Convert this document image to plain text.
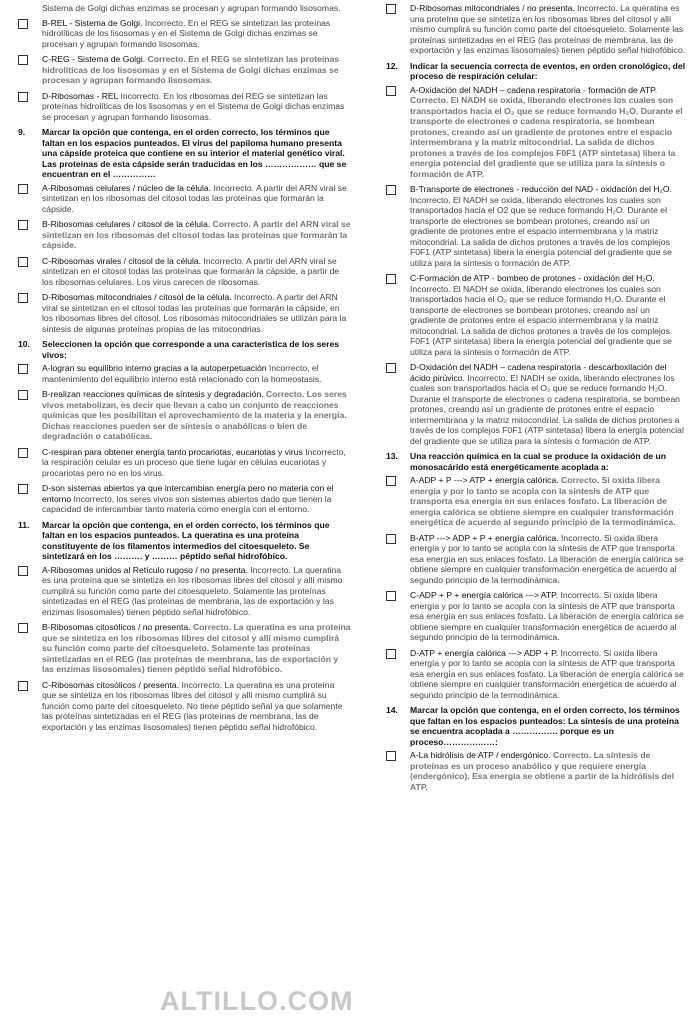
Sistema de Golgi dichas enzimas se procesan y agrupan formando lisosomas.

B-REL - Sistema de Golgi. Incorrecto. En el REG se sintetizan las proteínas hidrolíticas de los lisosomas y en el Sistema de Golgi dichas enzimas se procesan y agrupan formando lisosomas.
C-REG - Sistema de Golgi. Correcto. En el REG se sintetizan las proteínas hidrolíticas de los lisosomas y en el Sistema de Golgi dichas enzimas se procesan y agrupan formando lisosomas.
D-Ribosomas - REL Incorrecto. En los ribosomas del REG se sintetizan las proteínas hidrolíticas de los lisosomas y en el Sistema de Golgi dichas enzimas se procesan y agrupan formando lisosomas.
9.	Marcar la opción que contenga, en el orden correcto, los términos que faltan en los espacios punteados. El virus del papiloma humano presenta una cápside proteica que contiene en su interior el material genético viral. Las proteínas de esta cápside serán traducidas en los ……………… que se encuentran en el ……………
A-Ribosomas celulares / núcleo de la célula. Incorrecto. A partir del ARN viral se sintetizan en los ribosomas del citosol todas las proteínas que formarán la cápside.
B-Ribosomas celulares / citosol de la célula. Correcto. A partir del ARN viral se sintetizan en los ribosomas del citosol todas las proteínas que formarán la cápside.
C-Ribosomas virales / citosol de la célula. Incorrecto. A partir del ARN viral se sintetizan en el citosol todas las proteínas que formarán la cápside, a partir de los ribosomas celulares. Los virus carecen de ribosomas.
D-Ribosomas mitocondriales / citosol de la célula. Incorrecto. A partir del ARN viral se sintetizan en el citosol todas las proteínas que formarán la cápside, en los ribosomas libres del citosol. Los ribosomas mitocondriales se utilizan para la síntesis de algunas proteínas propias de las mitocondrias.
10.	Seleccionen la opción que corresponde a una característica de los seres vivos:
A-logran su equilibrio interno gracias a la autoperpetuación Incorrecto, el mantenimiento del equilibrio interno está relacionado con la homeostasis.
B-realizan reacciones químicas de síntesis y degradación. Correcto. Los seres vivos metabolizan, es decir que llevan a cabo un conjunto de reacciones químicas que les posibilitan el aprovechamiento de la materia y la energía. Dichas reacciones pueden ser de síntesis o anabólicas o bien de degradación o catabólicas.
C-respiran para obtener energía tanto procariotas, eucariotas y virus Incorrecto, la respiración celular es un proceso que tiene lugar en células eucariotas y procariotas pero no en los virus.
D-son sistemas abiertos ya que intercambian energía pero no materia con el entorno Incorrecto, los seres vivos son sistemas abiertos dado que tienen la capacidad de intercambiar tanto materia como energía con el entorno.
11.	Marcar la opción que contenga, en el orden correcto, los términos que faltan en los espacios punteados. La queratina es una proteína constituyente de los filamentos intermedios del citoesqueleto. Se sintetizará en los ………. y ……… péptido señal hidrofóbico.
A-Ribosomas unidos al Retículo rugoso / no presenta. Incorrecto. La queratina es una proteína que se sintetiza en los ribosomas libres del citosol y allí mismo cumplirá su función como parte del citoesqueleto. Solamente las proteínas sintetizadas en el REG (las proteínas de membrana, las de exportación y las enzimas lisosomales) tienen péptido señal hidrofóbico.
B-Ribosomas citosólicos / no presenta. Correcto. La queratina es una proteína que se sintetiza en los ribosomas libres del citosol y allí mismo cumplirá su función como parte del citoesqueleto. Solamente las proteínas sintetizadas en el REG (las proteínas de membrana, las de exportación y las enzimas lisosomales) tienen péptido señal hidrofóbico.
C-Ribosomas citosólicos / presenta. Incorrecto. La queratina es una proteína que se sintetiza en los ribosomas libres del citosol y allí mismo cumplirá su función como parte del citoesqueleto. No tiene péptido señal ya que solamente las proteínas sintetizadas en el REG (las proteínas de membrana, las de exportación y las enzimas lisosomales) tienen péptido señal hidrofóbico.
D-Ribosomas mitocondriales / no presenta. Incorrecto. La queratina es una proteína que se sintetiza en los ribosomas libres del citosol y allí mismo cumplirá su función como parte del citoesqueleto. Solamente las proteínas sintetizadas en el REG (las proteínas de membrana, las de exportación y las enzimas lisosomales) tienen péptido señal hidrofóbico.
12.	Indicar la secuencia correcta de eventos, en orden cronológico, del proceso de respiración celular:
A-Oxidación del NADH – cadena respiratoria - formación de ATP. Correcto. El NADH se oxida, liberando electrones los cuales son transportados hacia el O₂ que se reduce formando H₂O. Durante el transporte de electrones o cadena respiratoria, se bombean protones, creando así un gradiente de protones entre el espacio intermembrana y la matriz mitocondrial. La salida de dichos protones a través de los complejos F0F1 (ATP sintetasa) libera la energía potencial del gradiente que se utiliza para la síntesis o formación de ATP.
B-Transporte de electrones - reducción del NAD - oxidación del H₂O. Incorrecto. El NADH se oxida, liberando electrones los cuales son transportados hacia el O2 que se reduce formando H₂O. Durante el transporte de electrones se bombean protones, creando así un gradiente de protones entre el espacio intermembrana y la matriz mitocondrial. La salida de dichos protones a través de los complejos F0F1 (ATP sintetasa) libera la energía potencial del gradiente que se utiliza para la síntesis o formación de ATP.
C-Formación de ATP - bombeo de protones - oxidación del H₂O. Incorrecto. El NADH se oxida, liberando electrones los cuales son transportados hacia el O₂ que se reduce formando H₂O. Durante el transporte de electrones se bombean protones, creando así un gradiente de protones entre el espacio intermembrana y la matriz mitocondrial. La salida de dichos protones a través de los complejos F0F1 (ATP sintetasa) libera la energía potencial del gradiente que se utiliza para la síntesis o formación de ATP.
D-Oxidación del NADH – cadena respiratoria - descarboxilación del ácido pirúvico. Incorrecto. El NADH se oxida, liberando electrones los cuales son transportados hacia el O₂ que se reduce formando H₂O. Durante el transporte de electrones o cadena respiratoria, se bombean protones, creando así un gradiente de protones entre el espacio intermembrana y la matriz mitocondrial. La salida de dichos protones a través de los complejos F0F1 (ATP sintetasa) libera la energía potencial del gradiente que se utiliza para la síntesis o formación de ATP.
13.	Una reacción química en la cual se produce la oxidación de un monosacárido está energéticamente acoplada a:
A-ADP + P ---> ATP + energía calórica. Correcto. Si oxida libera energía y por lo tanto se acopla con la síntesis de ATP que transporta esa energía en sus enlaces fosfato. La liberación de energía calórica se obtiene siempre en cualquier transformación energética de acuerdo al segundo principio de la termodinámica.
B-ATP ---> ADP + P + energía calórica. Incorrecto. Si oxida libera energía y por lo tanto se acopla con la síntesis de ATP que transporta esa energía en sus enlaces fosfato. La liberación de energía calórica se obtiene siempre en cualquier transformación energética de acuerdo al segundo principio de la termodinámica.
C-ADP + P + energía calórica ---> ATP. Incorrecto. Si oxida libera energía y por lo tanto se acopla con la síntesis de ATP que transporta esa energía en sus enlaces fosfato. La liberación de energía calórica se obtiene siempre en cualquier transformación energética de acuerdo al segundo principio de la termodinámica.
D-ATP + energía calórica ---> ADP + P. Incorrecto. Si oxida libera energía y por lo tanto se acopla con la síntesis de ATP que transporta esa energía en sus enlaces fosfato. La liberación de energía calórica se obtiene siempre en cualquier transformación energética de acuerdo al segundo principio de la termodinámica.
14.	Marcar la opción que contenga, en el orden correcto, los términos que faltan en los espacios punteados: La síntesis de una proteína se encuentra acoplada a ……………. porque es un proceso………………:
A-La hidrólisis de ATP / endergónico. Correcto. La síntesis de proteínas es un proceso anabólico y que requiere energía (endergónico). Esa energía se obtiene a partir de la hidrólisis del ATP.
ALTILLO.COM
